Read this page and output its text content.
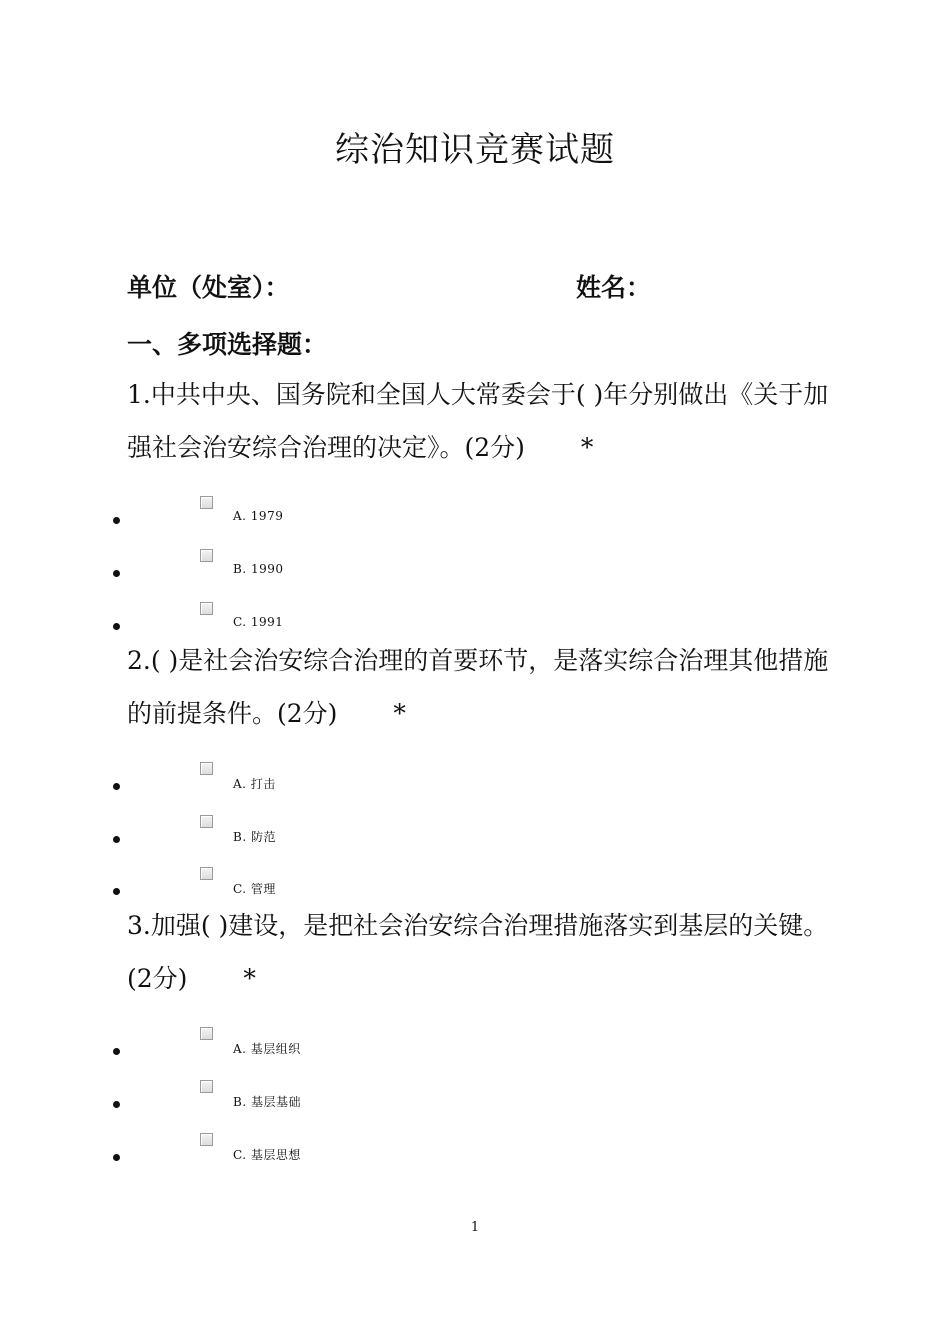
综治知识竞赛试题
单位（处室）：	姓名：
一、多项选择题：
1.中共中央、国务院和全国人大常委会于( )年分别做出《关于加强社会治安综合治理的决定》。(2分) *
A. 1979
B. 1990
C. 1991
2.( )是社会治安综合治理的首要环节，是落实综合治理其他措施的前提条件。(2分) *
A. 打击
B. 防范
C. 管理
3.加强( )建设，是把社会治安综合治理措施落实到基层的关键。(2分) *
A. 基层组织
B. 基层基础
C. 基层思想
1
